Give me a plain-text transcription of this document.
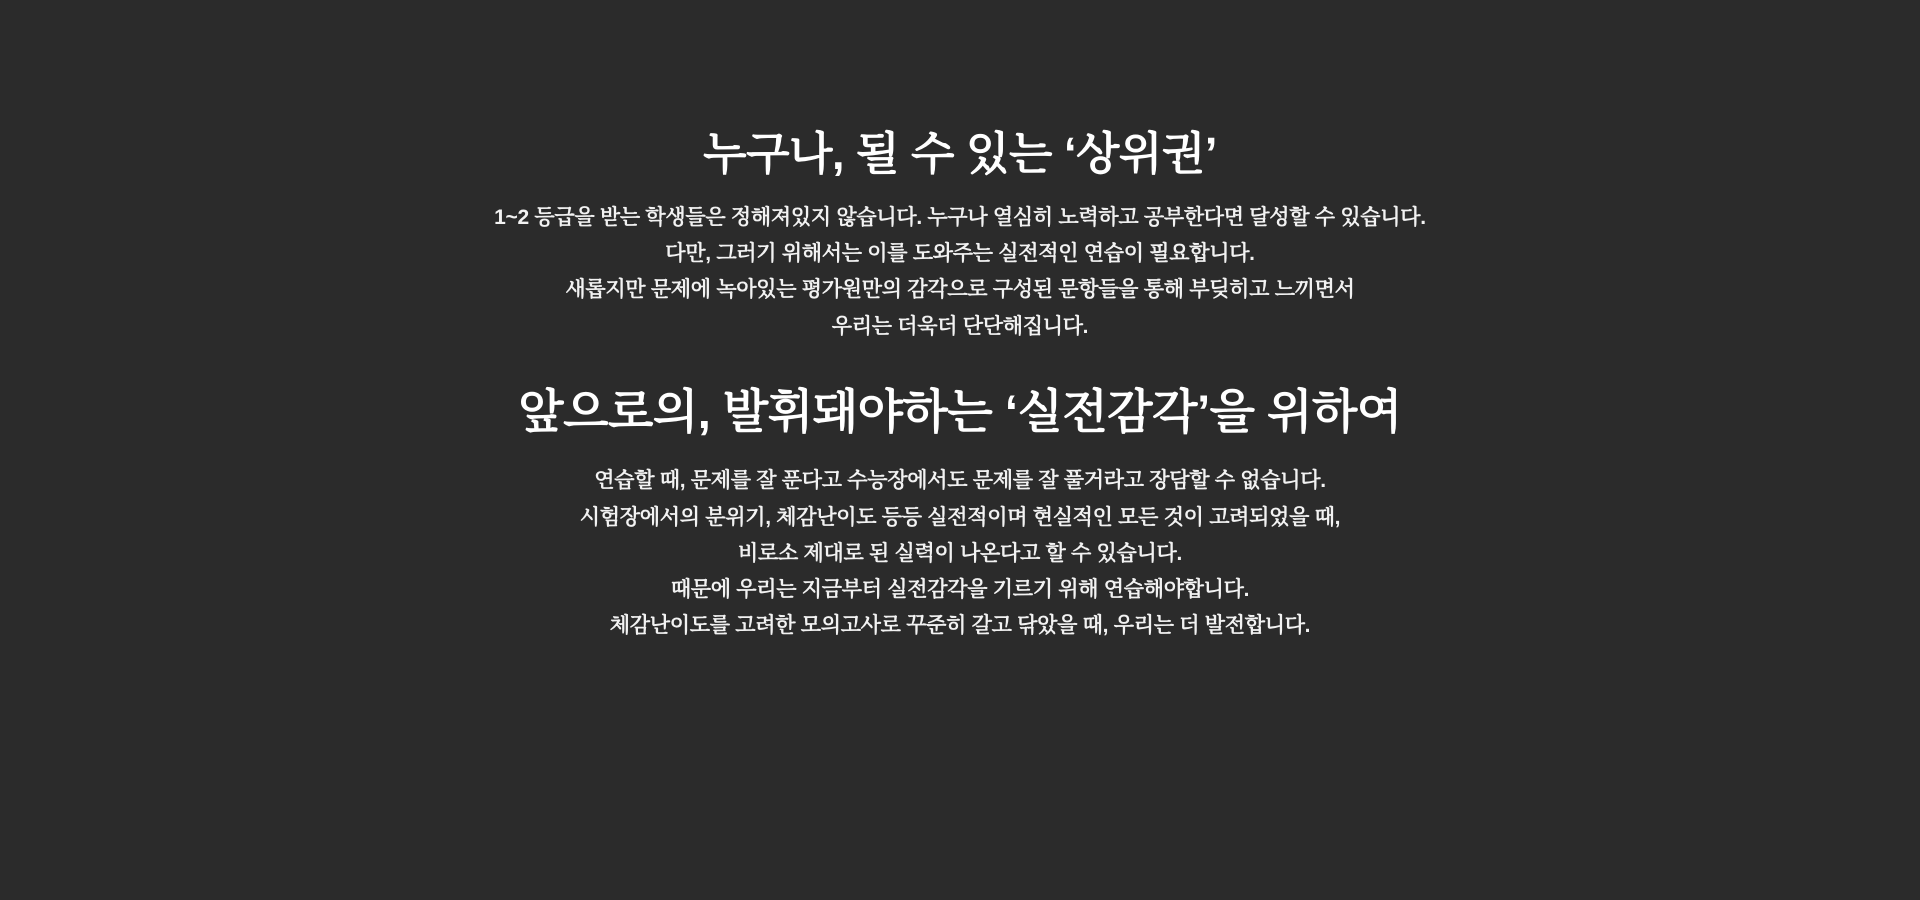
누구나, 될 수 있는 ‘상위권’
1~2 등급을 받는 학생들은 정해져있지 않습니다. 누구나 열심히 노력하고 공부한다면 달성할 수 있습니다.
다만, 그러기 위해서는 이를 도와주는 실전적인 연습이 필요합니다.
새롭지만 문제에 녹아있는 평가원만의 감각으로 구성된 문항들을 통해 부딪히고 느끼면서
우리는 더욱더 단단해집니다.
앞으로의, 발휘돼야하는 ‘실전감각’을 위하여
연습할 때, 문제를 잘 푼다고 수능장에서도 문제를 잘 풀거라고 장담할 수 없습니다.
시험장에서의 분위기, 체감난이도 등등 실전적이며 현실적인 모든 것이 고려되었을 때,
비로소 제대로 된 실력이 나온다고 할 수 있습니다.
때문에 우리는 지금부터 실전감각을 기르기 위해 연습해야합니다.
체감난이도를 고려한 모의고사로 꾸준히 갈고 닦았을 때, 우리는 더 발전합니다.
